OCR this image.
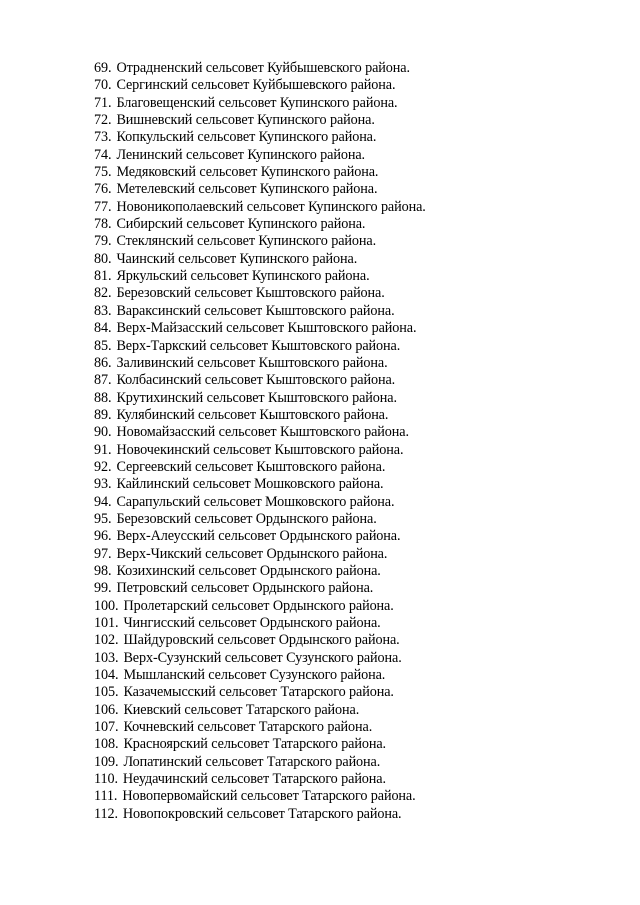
69. Отрадненский сельсовет Куйбышевского района.
70. Сергинский сельсовет Куйбышевского района.
71. Благовещенский сельсовет Купинского района.
72. Вишневский сельсовет Купинского района.
73. Копкульский сельсовет Купинского района.
74. Ленинский сельсовет Купинского района.
75. Медяковский сельсовет Купинского района.
76. Метелевский сельсовет Купинского района.
77. Новоникополаевский сельсовет Купинского района.
78. Сибирский сельсовет Купинского района.
79. Стеклянский сельсовет Купинского района.
80. Чаинский сельсовет Купинского района.
81. Яркульский сельсовет Купинского района.
82. Березовский сельсовет Кыштовского района.
83. Вараксинский сельсовет Кыштовского района.
84. Верх-Майзасский сельсовет Кыштовского района.
85. Верх-Таркский сельсовет Кыштовского района.
86. Заливинский сельсовет Кыштовского района.
87. Колбасинский сельсовет Кыштовского района.
88. Крутихинский сельсовет Кыштовского района.
89. Кулябинский сельсовет Кыштовского района.
90. Новомайзасский сельсовет Кыштовского района.
91. Новочекинский сельсовет Кыштовского района.
92. Сергеевский сельсовет Кыштовского района.
93. Кайлинский сельсовет Мошковского района.
94. Сарапульский сельсовет Мошковского района.
95. Березовский сельсовет Ордынского района.
96. Верх-Алеусский сельсовет Ордынского района.
97. Верх-Чикский сельсовет Ордынского района.
98. Козихинский сельсовет Ордынского района.
99. Петровский сельсовет Ордынского района.
100. Пролетарский сельсовет Ордынского района.
101. Чингисский сельсовет Ордынского района.
102. Шайдуровский сельсовет Ордынского района.
103. Верх-Сузунский сельсовет Сузунского района.
104. Мышланский сельсовет Сузунского района.
105. Казачемысский сельсовет Татарского района.
106. Киевский сельсовет Татарского района.
107. Кочневский сельсовет Татарского района.
108. Красноярский сельсовет Татарского района.
109. Лопатинский сельсовет Татарского района.
110. Неудачинский сельсовет Татарского района.
111. Новопервомайский сельсовет Татарского района.
112. Новопокровский сельсовет Татарского района.
